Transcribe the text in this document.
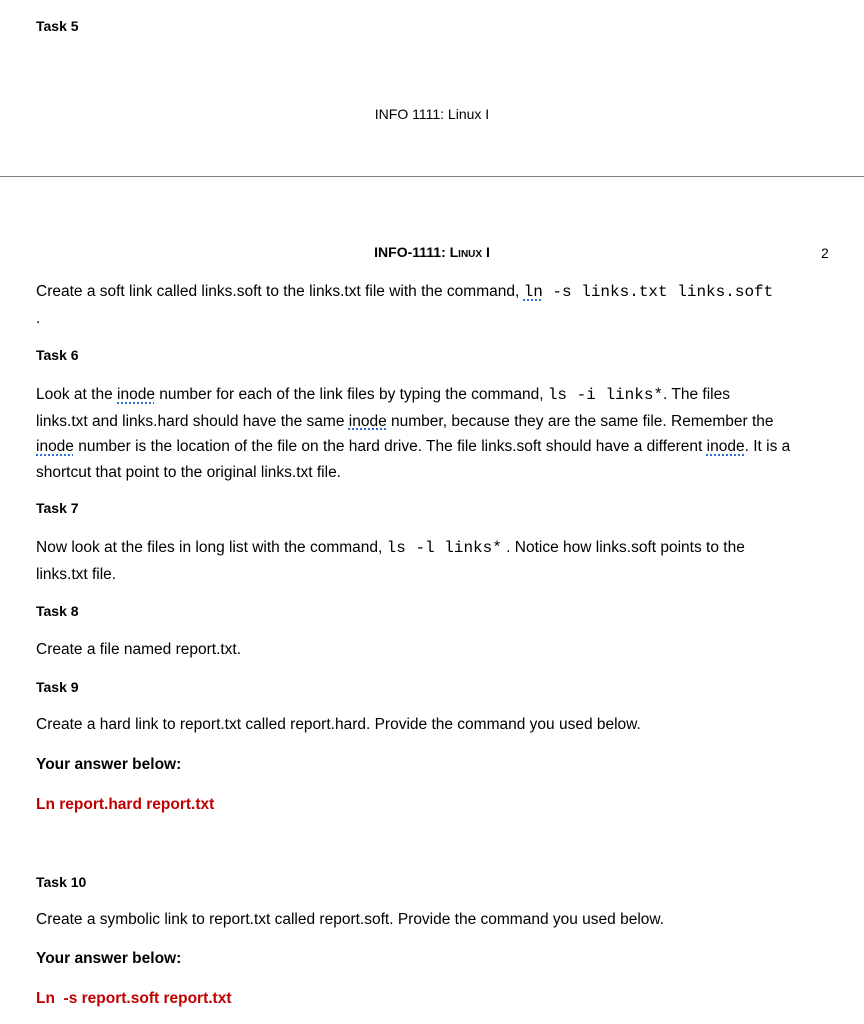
Task 5
INFO 1111: Linux I
INFO-1111: Linux I	2
Create a soft link called links.soft to the links.txt file with the command, ln -s links.txt links.soft
.
Task 6
Look at the inode number for each of the link files by typing the command, ls -i links*. The files
links.txt and links.hard should have the same inode number, because they are the same file. Remember the
inode number is the location of the file on the hard drive. The file links.soft should have a different inode. It is a
shortcut that point to the original links.txt file.
Task 7
Now look at the files in long list with the command, ls -l links* . Notice how links.soft points to the
links.txt file.
Task 8
Create a file named report.txt.
Task 9
Create a hard link to report.txt called report.hard. Provide the command you used below.
Your answer below:
Ln report.hard report.txt
Task 10
Create a symbolic link to report.txt called report.soft. Provide the command you used below.
Your answer below:
Ln  -s report.soft report.txt
